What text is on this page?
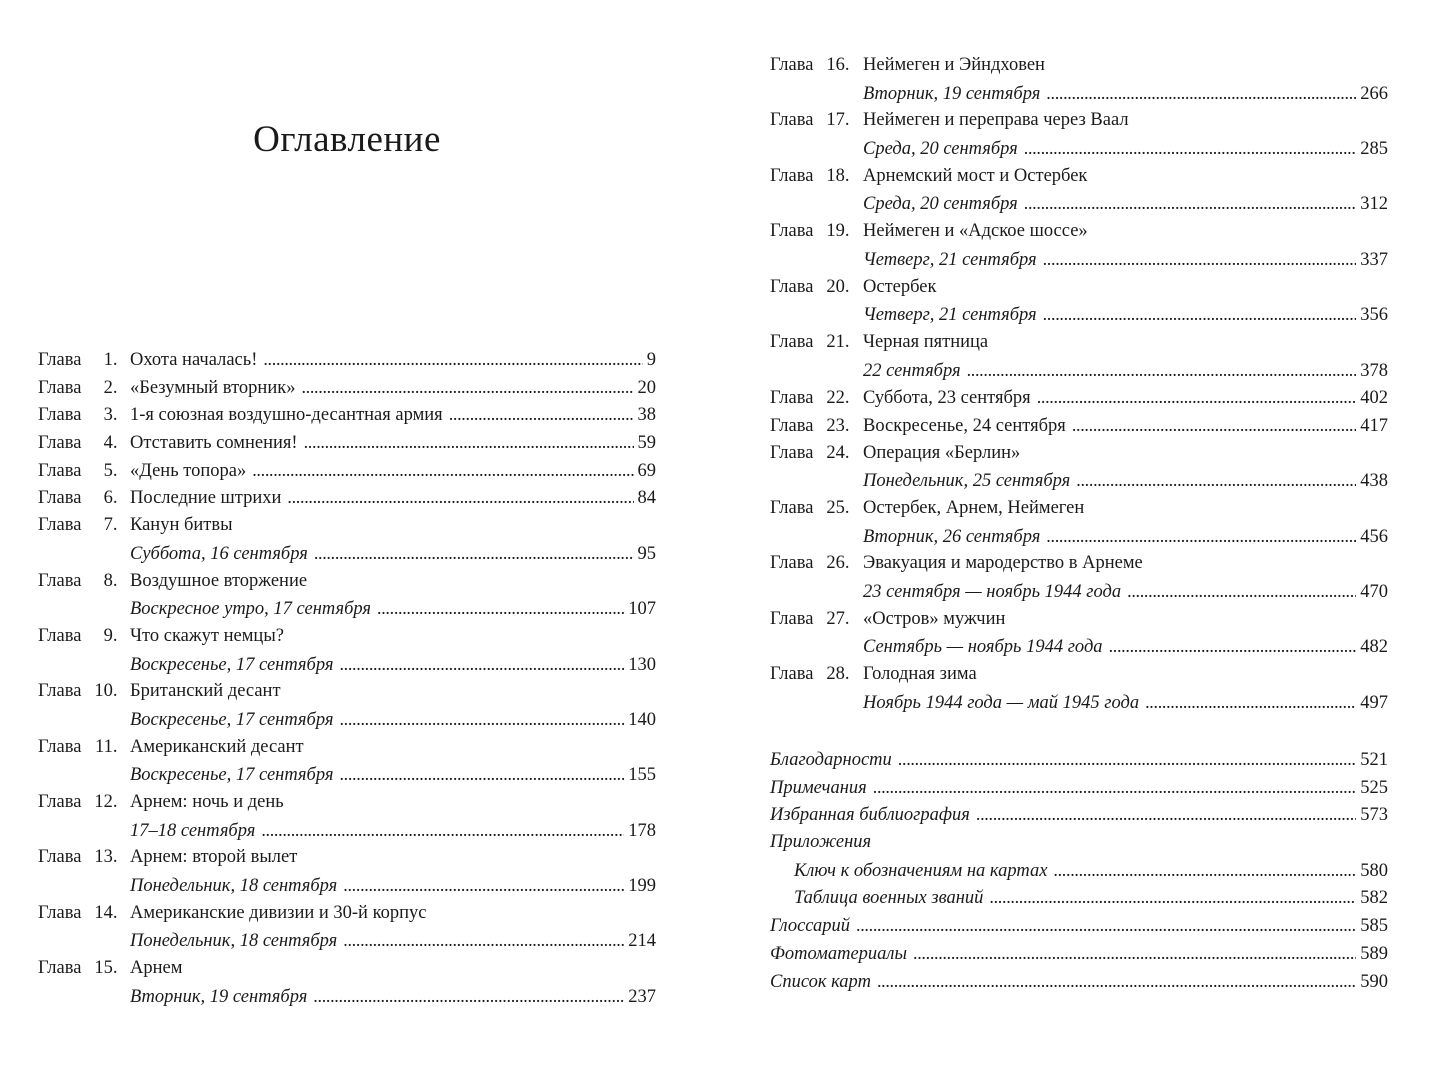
Оглавление
Глава 1. Охота началась! . . .	9
Глава 2. «Безумный вторник» . . .	20
Глава 3. 1-я союзная воздушно-десантная армия . . .	38
Глава 4. Отставить сомнения! . . .	59
Глава 5. «День топора» . . .	69
Глава 6. Последние штрихи . . .	84
Глава 7. Канун битвы
Суббота, 16 сентября . . .	95
Глава 8. Воздушное вторжение
Воскресное утро, 17 сентября . . .	107
Глава 9. Что скажут немцы?
Воскресенье, 17 сентября . . .	130
Глава 10. Британский десант
Воскресенье, 17 сентября . . .	140
Глава 11. Американский десант
Воскресенье, 17 сентября . . .	155
Глава 12. Арнем: ночь и день
17–18 сентября . . .	178
Глава 13. Арнем: второй вылет
Понедельник, 18 сентября . . .	199
Глава 14. Американские дивизии и 30-й корпус
Понедельник, 18 сентября . . .	214
Глава 15. Арнем
Вторник, 19 сентября . . .	237
Глава 16. Неймеген и Эйндховен
Вторник, 19 сентября . . .	266
Глава 17. Неймеген и переправа через Ваал
Среда, 20 сентября . . .	285
Глава 18. Арнемский мост и Остербек
Среда, 20 сентября . . .	312
Глава 19. Неймеген и «Адское шоссе»
Четверг, 21 сентября . . .	337
Глава 20. Остербек
Четверг, 21 сентября . . .	356
Глава 21. Черная пятница
22 сентября . . .	378
Глава 22. Суббота, 23 сентября . . .	402
Глава 23. Воскресенье, 24 сентября . . .	417
Глава 24. Операция «Берлин»
Понедельник, 25 сентября . . .	438
Глава 25. Остербек, Арнем, Неймеген
Вторник, 26 сентября . . .	456
Глава 26. Эвакуация и мародерство в Арнеме
23 сентября — ноябрь 1944 года . . .	470
Глава 27. «Остров» мужчин
Сентябрь — ноябрь 1944 года . . .	482
Глава 28. Голодная зима
Ноябрь 1944 года — май 1945 года . . .	497
Благодарности . . .	521
Примечания . . .	525
Избранная библиография . . .	573
Приложения
Ключ к обозначениям на картах . . .	580
Таблица военных званий . . .	582
Глоссарий . . .	585
Фотоматериалы . . .	589
Список карт . . .	590
